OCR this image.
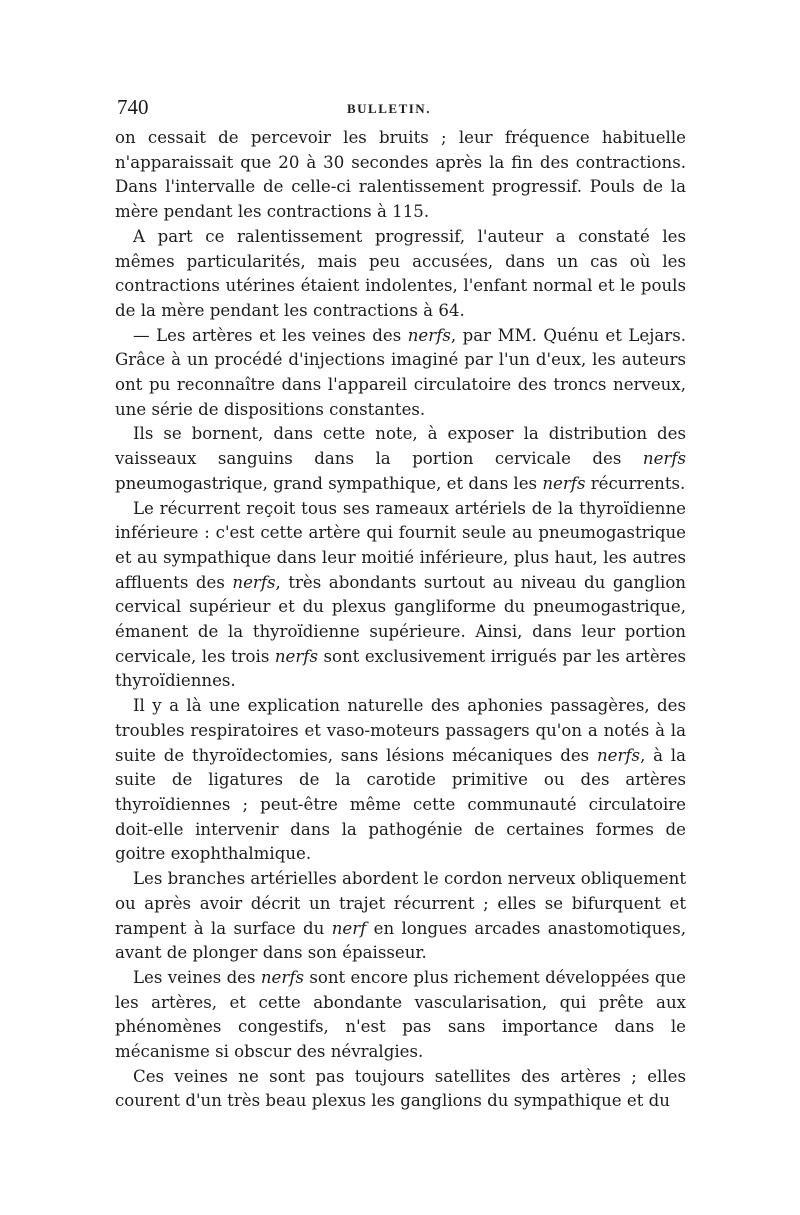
740	BULLETIN.

on cessait de percevoir les bruits ; leur fréquence habituelle n'apparaissait que 20 à 30 secondes après la fin des contractions. Dans l'intervalle de celle-ci ralentissement progressif. Pouls de la mère pendant les contractions à 115.

A part ce ralentissement progressif, l'auteur a constaté les mêmes particularités, mais peu accusées, dans un cas où les contractions utérines étaient indolentes, l'enfant normal et le pouls de la mère pendant les contractions à 64.

— Les artères et les veines des nerfs, par MM. Quénu et Lejars. Grâce à un procédé d'injections imaginé par l'un d'eux, les auteurs ont pu reconnaître dans l'appareil circulatoire des troncs nerveux, une série de dispositions constantes.

Ils se bornent, dans cette note, à exposer la distribution des vaisseaux sanguins dans la portion cervicale des nerfs pneumogastrique, grand sympathique, et dans les nerfs récurrents.

Le récurrent reçoit tous ses rameaux artériels de la thyroïdienne inférieure : c'est cette artère qui fournit seule au pneumogastrique et au sympathique dans leur moitié inférieure, plus haut, les autres affluents des nerfs, très abondants surtout au niveau du ganglion cervical supérieur et du plexus gangliforme du pneumogastrique, émanent de la thyroïdienne supérieure. Ainsi, dans leur portion cervicale, les trois nerfs sont exclusivement irrigués par les artères thyroïdiennes.

Il y a là une explication naturelle des aphonies passagères, des troubles respiratoires et vaso-moteurs passagers qu'on a notés à la suite de thyroïdectomies, sans lésions mécaniques des nerfs, à la suite de ligatures de la carotide primitive ou des artères thyroïdiennes ; peut-être même cette communauté circulatoire doit-elle intervenir dans la pathogénie de certaines formes de goitre exophthalmique.

Les branches artérielles abordent le cordon nerveux obliquement ou après avoir décrit un trajet récurrent ; elles se bifurquent et rampent à la surface du nerf en longues arcades anastomotiques, avant de plonger dans son épaisseur.

Les veines des nerfs sont encore plus richement développées que les artères, et cette abondante vascularisation, qui prête aux phénomènes congestifs, n'est pas sans importance dans le mécanisme si obscur des névralgies.

Ces veines ne sont pas toujours satellites des artères ; elles courent d'un très beau plexus les ganglions du sympathique et du
